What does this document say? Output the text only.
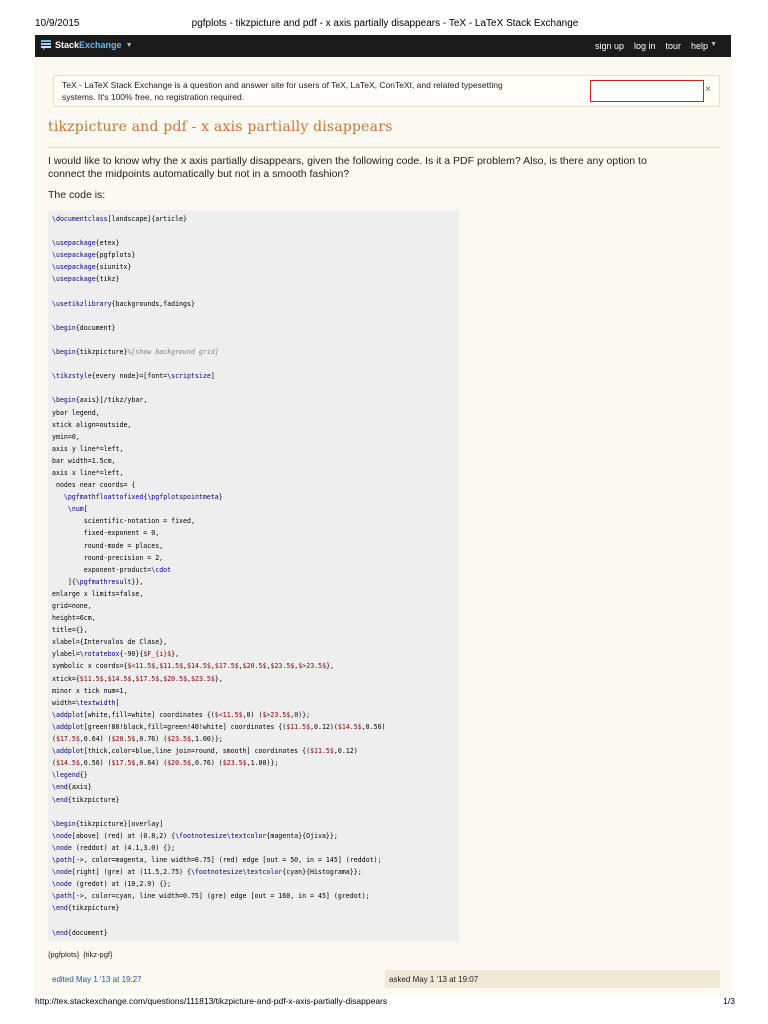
10/9/2015	pgfplots - tikzpicture and pdf - x axis partially disappears - TeX - LaTeX Stack Exchange
Stack Exchange ▼	sign up log in tour help ▼
TeX - LaTeX Stack Exchange is a question and answer site for users of TeX, LaTeX, ConTeXt, and related typesetting systems. It's 100% free, no registration required.
×
tikzpicture and pdf - x axis partially disappears
I would like to know why the x axis partially disappears, given the following code. Is it a PDF problem? Also, is there any option to connect the midpoints automatically but not in a smooth fashion?
The code is:
\documentclass[landscape]{article}

\usepackage{etex}
\usepackage{pgfplots}
\usepackage{siunitx}
\usepackage{tikz}

\usetikzlibrary{backgrounds,fadings}

\begin{document}

\begin{tikzpicture}%[show background grid]

\tikzstyle{every node}=[font=\scriptsize]

\begin{axis}[/tikz/ybar,
ybar legend,
xtick align=outside,
ymin=0,
axis y line*=left,
bar width=1.5cm,
axis x line*=left,
nodes near coords= {
\pgfmathfloattofixed{\pgfplotspointmeta}
\num[
scientific-notation = fixed,
fixed-exponent = 0,
round-mode = places,
round-precision = 2,
exponent-product=\cdot
]{\pgfmathresult}},
enlarge x limits=false,
grid=none,
height=6cm,
title={},
xlabel={Intervalos de Clase},
ylabel=\rotatebox{-90}{$F_{i}$},
symbolic x coords={$<11.5$,$11.5$,$14.5$,$17.5$,$20.5$,$23.5$,$>23.5$},
xtick={$11.5$,$14.5$,$17.5$,$20.5$,$23.5$},
minor x tick num=1,
width=\textwidth]
\addplot[white,fill=white] coordinates {($<11.5$,0) ($>23.5$,0)};
\addplot[green!80!black,fill=green!40!white] coordinates {($11.5$,0.12)($14.5$,0.56)
($17.5$,0.64) ($20.5$,0.76) ($23.5$,1.00)};
\addplot[thick,color=blue,line join=round, smooth] coordinates {($11.5$,0.12)
($14.5$,0.56) ($17.5$,0.64) ($20.5$,0.76) ($23.5$,1.00)};
\legend{}
\end{axis}
\end{tikzpicture}

\begin{tikzpicture}[overlay]
\node[above] (red) at (0.8,2) {\footnotesize\textcolor{magenta}{Ojiva}};
\node (reddot) at (4.1,3.0) {};
\path[->, color=magenta, line width=0.75] (red) edge [out = 50, in = 145] (reddot);
\node[right] (gre) at (11.5,2.75) {\footnotesize\textcolor{cyan}{Histograma}};
\node (gredot) at (10,2.9) {};
\path[->, color=cyan, line width=0.75] (gre) edge [out = 160, in = 45] (gredot);
\end{tikzpicture}

\end{document}
{pgfplots} {tikz-pgf}
edited May 1 '13 at 19:27	asked May 1 '13 at 19:07
http://tex.stackexchange.com/questions/111813/tikzpicture-and-pdf-x-axis-partially-disappears	1/3
